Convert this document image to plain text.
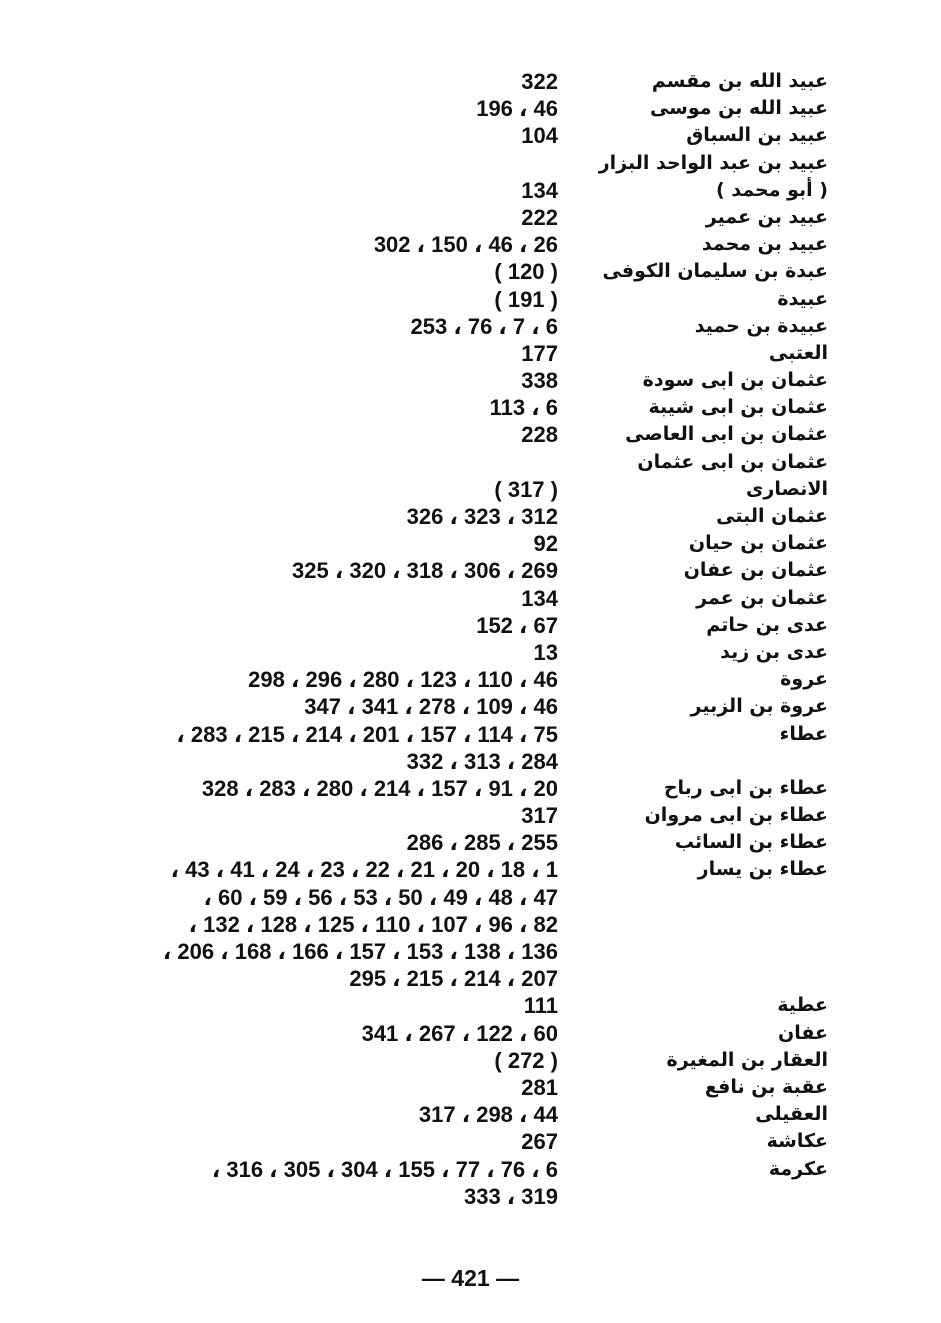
عبيد الله بن مقسم
322
عبيد الله بن موسى
46 ، 196
عبيد بن السباق
104
عبيد بن عبد الواحد البزار
( أبو محمد )
134
عبيد بن عمير
222
عبيد بن محمد
26 ، 46 ، 150 ، 302
عبدة بن سليمان الكوفى
( 120 )
عبيدة
( 191 )
عبيدة بن حميد
6 ، 7 ، 76 ، 253
العتبى
177
عثمان بن ابى سودة
338
عثمان بن ابى شيبة
6 ، 113
عثمان بن ابى العاصى
228
عثمان بن ابى عثمان
الانصارى
( 317 )
عثمان البتى
312 ، 323 ، 326
عثمان بن حيان
92
عثمان بن عفان
269 ، 306 ، 318 ، 320 ، 325
عثمان بن عمر
134
عدى بن حاتم
67 ، 152
عدى بن زيد
13
عروة
46 ، 110 ، 123 ، 280 ، 296 ، 298
عروة بن الزبير
46 ، 109 ، 278 ، 341 ، 347
عطاء
75 ، 114 ، 157 ، 201 ، 214 ، 215 ، 283 ،
284 ، 313 ، 332
عطاء بن ابى رباح
20 ، 91 ، 157 ، 214 ، 280 ، 283 ، 328
عطاء بن ابى مروان
317
عطاء بن السائب
255 ، 285 ، 286
عطاء بن يسار
1 ، 18 ، 20 ، 21 ، 22 ، 23 ، 24 ، 41 ، 43 ،
47 ، 48 ، 49 ، 50 ، 53 ، 56 ، 59 ، 60 ،
82 ، 96 ، 107 ، 110 ، 125 ، 128 ، 132 ،
136 ، 138 ، 153 ، 157 ، 166 ، 168 ، 206 ،
207 ، 214 ، 215 ، 295
عطية
111
عفان
60 ، 122 ، 267 ، 341
العقار بن المغيرة
( 272 )
عقبة بن نافع
281
العقيلى
44 ، 298 ، 317
عكاشة
267
عكرمة
6 ، 76 ، 77 ، 155 ، 304 ، 305 ، 316 ،
319 ، 333
— 421 —
